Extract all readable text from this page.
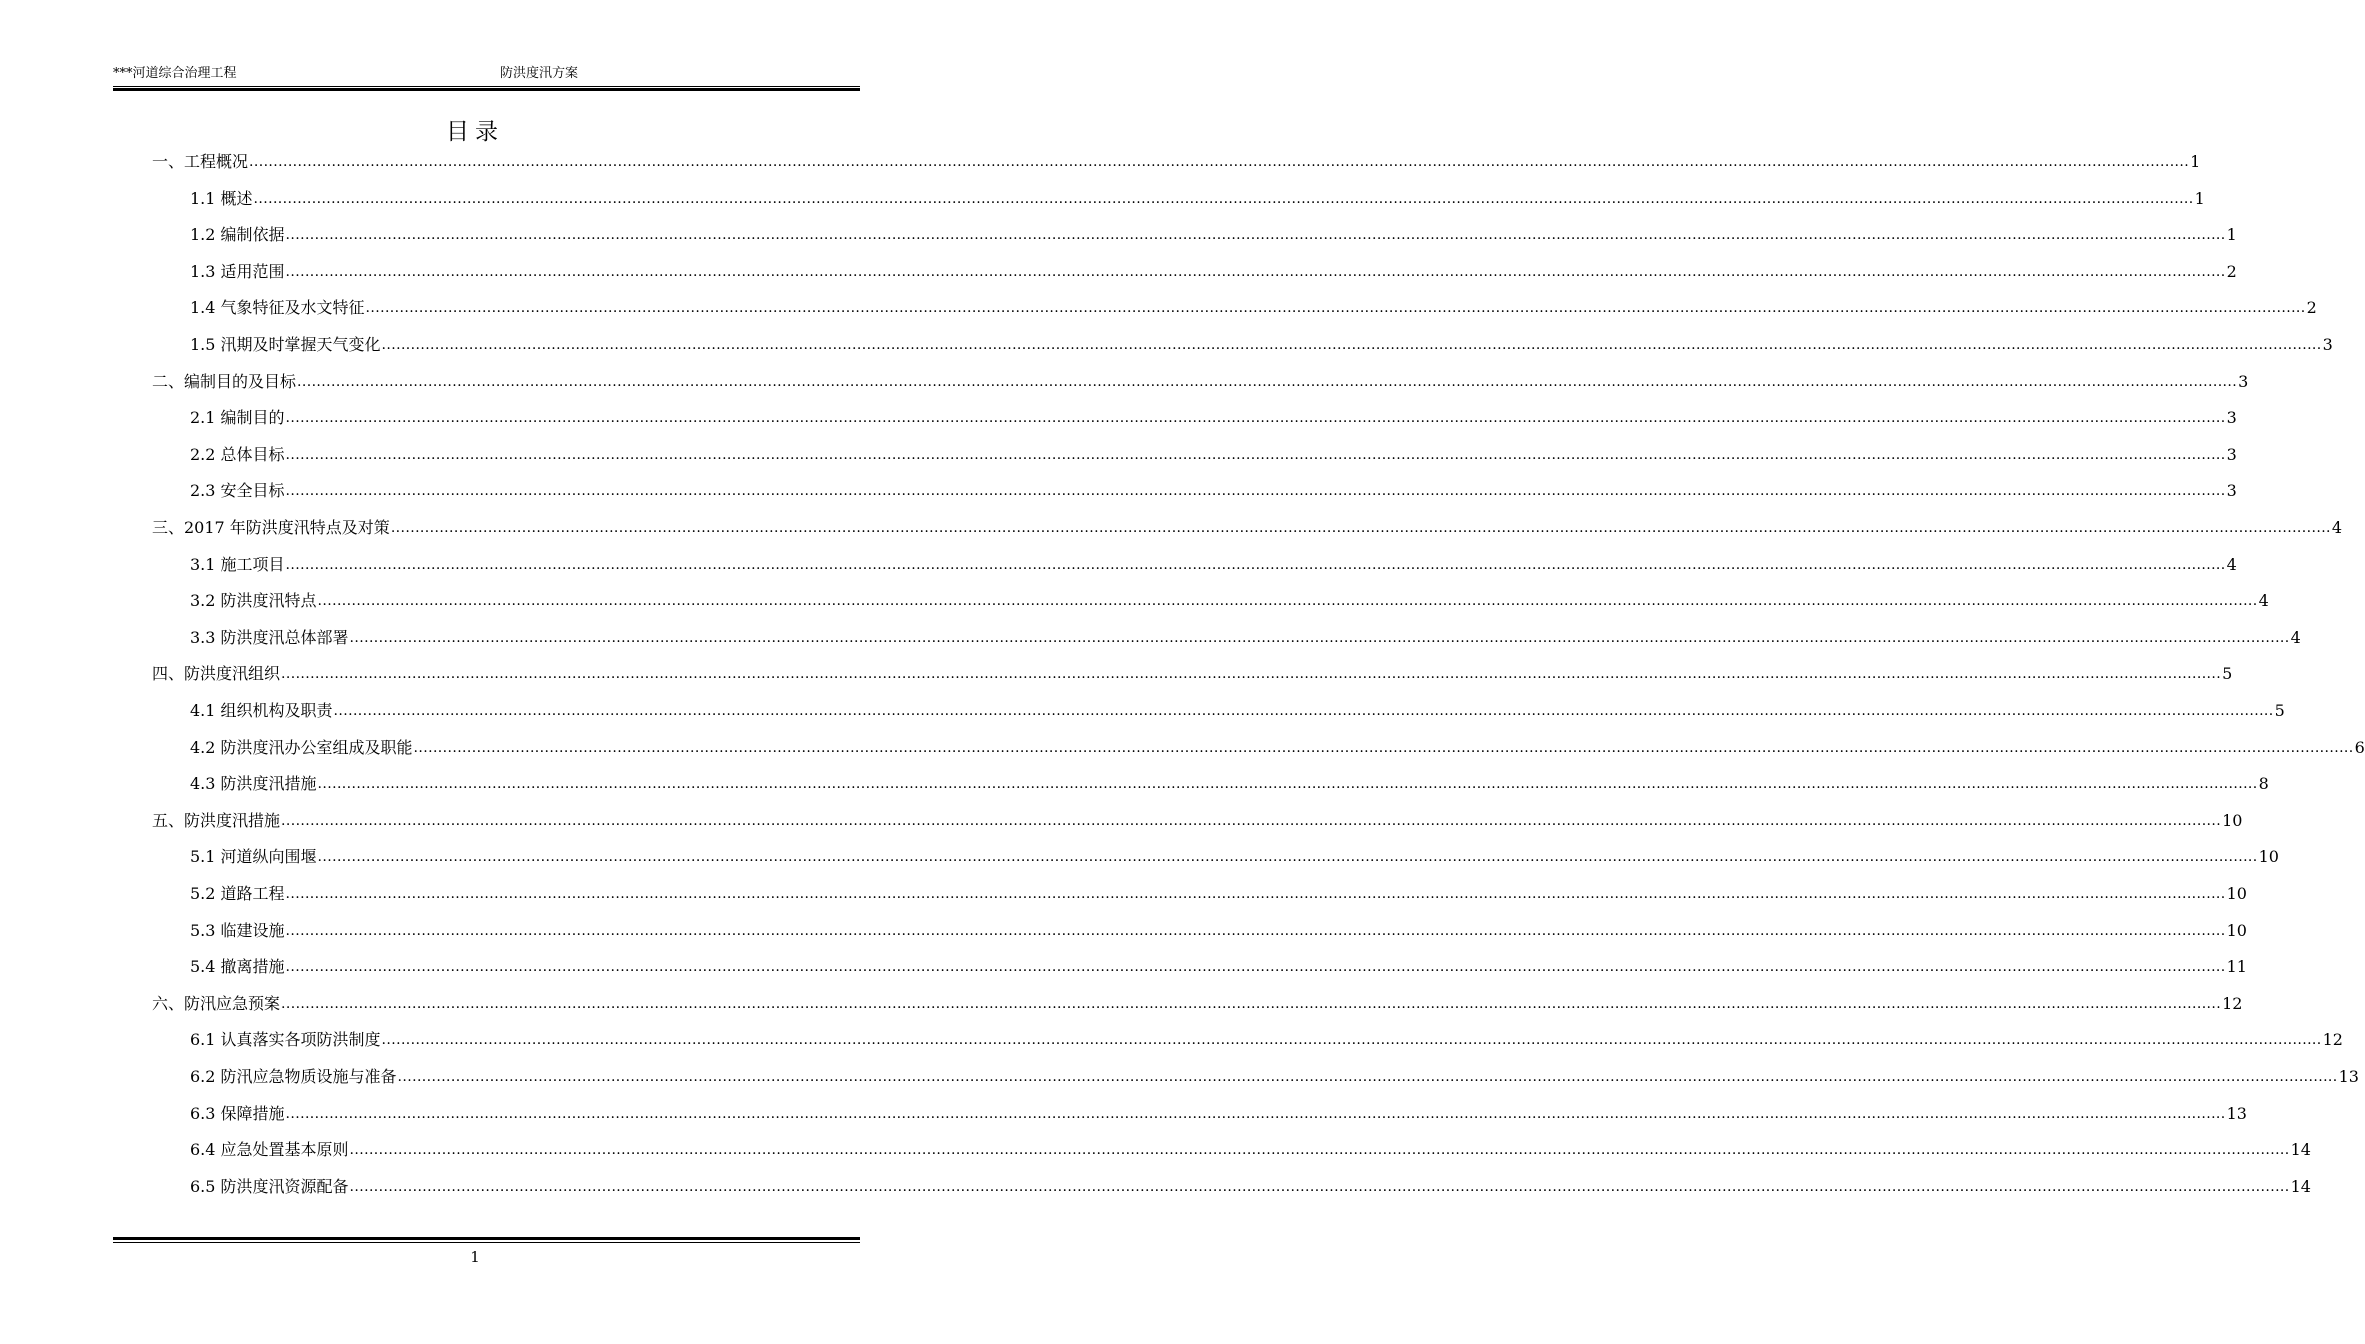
***河道综合治理工程	防洪度汛方案
目录
一、工程概况 ................................................................................................................................................................................................................................................................................................................................................................................................................ 1
1.1 概述 ................................................................................................................................................................................................................................................................................................................................................................................................................ 1
1.2 编制依据 ................................................................................................................................................................................................................................................................................................................................................................................................................ 1
1.3 适用范围 ................................................................................................................................................................................................................................................................................................................................................................................................................ 2
1.4 气象特征及水文特征 ................................................................................................................................................................................................................................................................................................................................................................................................................ 2
1.5 汛期及时掌握天气变化 ................................................................................................................................................................................................................................................................................................................................................................................................................ 3
二、编制目的及目标 ................................................................................................................................................................................................................................................................................................................................................................................................................ 3
2.1 编制目的 ................................................................................................................................................................................................................................................................................................................................................................................................................ 3
2.2 总体目标 ................................................................................................................................................................................................................................................................................................................................................................................................................ 3
2.3 安全目标 ................................................................................................................................................................................................................................................................................................................................................................................................................ 3
三、2017 年防洪度汛特点及对策 ................................................................................................................................................................................................................................................................................................................................................................................................................ 4
3.1 施工项目 ................................................................................................................................................................................................................................................................................................................................................................................................................ 4
3.2 防洪度汛特点 ................................................................................................................................................................................................................................................................................................................................................................................................................ 4
3.3 防洪度汛总体部署 ................................................................................................................................................................................................................................................................................................................................................................................................................ 4
四、防洪度汛组织 ................................................................................................................................................................................................................................................................................................................................................................................................................ 5
4.1 组织机构及职责 ................................................................................................................................................................................................................................................................................................................................................................................................................ 5
4.2 防洪度汛办公室组成及职能 ................................................................................................................................................................................................................................................................................................................................................................................................................ 6
4.3 防洪度汛措施 ................................................................................................................................................................................................................................................................................................................................................................................................................ 8
五、防洪度汛措施 ................................................................................................................................................................................................................................................................................................................................................................................................................ 10
5.1 河道纵向围堰 ................................................................................................................................................................................................................................................................................................................................................................................................................ 10
5.2 道路工程 ................................................................................................................................................................................................................................................................................................................................................................................................................ 10
5.3 临建设施 ................................................................................................................................................................................................................................................................................................................................................................................................................ 10
5.4 撤离措施 ................................................................................................................................................................................................................................................................................................................................................................................................................ 11
六、防汛应急预案 ................................................................................................................................................................................................................................................................................................................................................................................................................ 12
6.1 认真落实各项防洪制度 ................................................................................................................................................................................................................................................................................................................................................................................................................ 12
6.2 防汛应急物质设施与准备 ................................................................................................................................................................................................................................................................................................................................................................................................................ 13
6.3 保障措施 ................................................................................................................................................................................................................................................................................................................................................................................................................ 13
6.4 应急处置基本原则 ................................................................................................................................................................................................................................................................................................................................................................................................................ 14
6.5 防洪度汛资源配备 ................................................................................................................................................................................................................................................................................................................................................................................................................ 14
1
